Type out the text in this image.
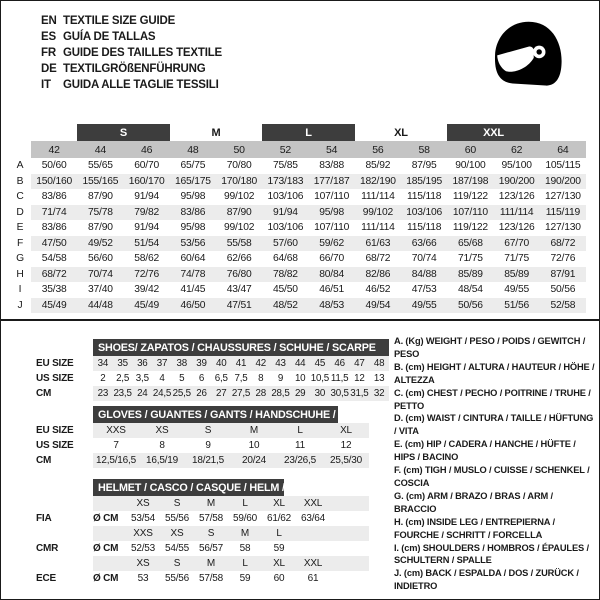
EN TEXTILE SIZE GUIDE
ES GUÍA DE TALLAS
FR GUIDE DES TAILLES TEXTILE
DE TEXTILGRÖßENFÜHRUNG
IT	GUIDA ALLE TAGLIE TESSILI
S	M	L	XL	XXL
42	44	46	48	50	52	54	56	58	60	62	64
A	50/60	55/65	60/70	65/75	70/80	75/85	83/88	85/92	87/95	90/100	95/100	105/115
B	150/160	155/165	160/170	165/175	170/180	173/183	177/187	182/190	185/195	187/198	190/200	190/200
C	83/86	87/90	91/94	95/98	99/102	103/106	107/110	111/114	115/118	119/122	123/126	127/130
D	71/74	75/78	79/82	83/86	87/90	91/94	95/98	99/102	103/106	107/110	111/114	115/119
E	83/86	87/90	91/94	95/98	99/102	103/106	107/110	111/114	115/118	119/122	123/126	127/130
F	47/50	49/52	51/54	53/56	55/58	57/60	59/62	61/63	63/66	65/68	67/70	68/72
G	54/58	56/60	58/62	60/64	62/66	64/68	66/70	68/72	70/74	71/75	71/75	72/76
H	68/72	70/74	72/76	74/78	76/80	78/82	80/84	82/86	84/88	85/89	85/89	87/91
I	35/38	37/40	39/42	41/45	43/47	45/50	46/51	46/52	47/53	48/54	49/55	50/56
J	45/49	44/48	45/49	46/50	47/51	48/52	48/53	49/54	49/55	50/56	51/56	52/58
SHOES/ ZAPATOS / CHAUSSURES / SCHUHE / SCARPE
EU SIZE	34 35 36 37 38 39 40 41 42 43 44 45 46 47 48
US SIZE	2	2,5 3,5	4	5	6	6,5 7,5	8	9	10 10,5 11,5 12 13
CM	23 23,5 24 24,5 25,5 26 27 27,5 28 28,5 29 30 30,5 31,5 32
GLOVES / GUANTES / GANTS / HANDSCHUHE / GUANTI
EU SIZE	XXS	XS	S	M	L	XL
US SIZE	7	8	9	10	11	12
CM	12,5/16,5	16,5/19	18/21,5	20/24	23/26,5	25,5/30
HELMET / CASCO / CASQUE / HELM / CASCO
XS	S	M	L	XL	XXL
FIA	Ø CM	53/54 55/56 57/58 59/60 61/62 63/64
XXS	XS	S	M	L
CMR	Ø CM	52/53 54/55 56/57	58	59
XS	S	M	L	XL	XXL
ECE	Ø CM	53	55/56 57/58	59	60	61
A. (Kg) WEIGHT / PESO / POIDS / GEWITCH / PESO
B. (cm) HEIGHT / ALTURA / HAUTEUR / HÖHE / ALTEZZA
C. (cm) CHEST / PECHO / POITRINE / TRUHE / PETTO
D. (cm) WAIST / CINTURA / TAILLE / HÜFTUNG / VITA
E. (cm) HIP / CADERA / HANCHE / HÜFTE / HIPS / BACINO
F. (cm) TIGH / MUSLO / CUISSE / SCHENKEL / COSCIA
G. (cm) ARM / BRAZO / BRAS / ARM / BRACCIO
H. (cm) INSIDE LEG / ENTREPIERNA / FOURCHE / SCHRITT / FORCELLA
I. (cm) SHOULDERS / HOMBROS / ÉPAULES / SCHULTERN / SPALLE
J. (cm) BACK / ESPALDA / DOS / ZURÜCK / INDIETRO
